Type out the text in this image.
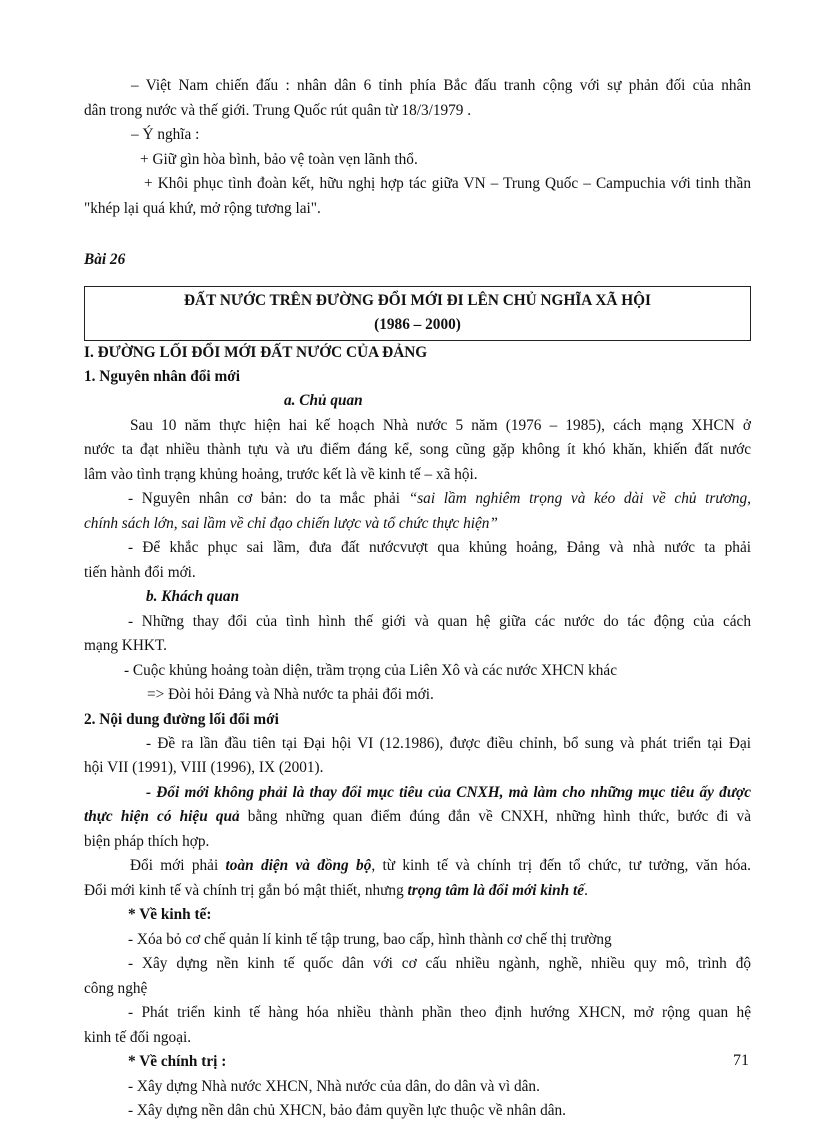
– Việt Nam chiến đấu : nhân dân 6 tỉnh phía Bắc đấu tranh cộng với sự phản đối của nhân

dân trong nước và thế giới. Trung Quốc rút quân từ 18/3/1979 .

– Ý nghĩa :

+ Giữ gìn hòa bình, bảo vệ toàn vẹn lãnh thổ.

+ Khôi phục tình đoàn kết, hữu nghị hợp tác giữa VN – Trung Quốc – Campuchia với tinh thần

"khép lại quá khứ, mở rộng tương lai".

Bài 26

ĐẤT NƯỚC TRÊN ĐƯỜNG ĐỔI MỚI ĐI LÊN CHỦ NGHĨA XÃ HỘI
(1986 – 2000)

I. ĐƯỜNG LỐI ĐỔI MỚI ĐẤT NƯỚC CỦA ĐẢNG

1. Nguyên nhân đổi mới

a. Chủ quan

Sau 10 năm thực hiện hai kế hoạch Nhà nước 5 năm (1976 – 1985), cách mạng XHCN ở

nước ta đạt nhiều thành tựu và ưu điểm đáng kể, song cũng gặp không ít khó khăn, khiến đất nước

lâm vào tình trạng khủng hoảng, trước kết là về kinh tế – xã hội.

- Nguyên nhân cơ bản: do ta mắc phải “sai lầm nghiêm trọng và kéo dài về chủ trương,

chính sách lớn, sai lầm về chỉ đạo chiến lược và tổ chức thực hiện”

- Để khắc phục sai lầm, đưa đất nướcvượt qua khủng hoảng, Đảng và nhà nước ta phải

tiến hành đổi mới.

b. Khách quan

- Những thay đổi của tình hình thế giới và quan hệ giữa các nước do tác động của cách

mạng KHKT.

- Cuộc khủng hoảng toàn diện, trầm trọng của Liên Xô và các nước XHCN khác

=> Đòi hỏi Đảng và Nhà nước ta phải đổi mới.

2. Nội dung đường lối đổi mới

- Đề ra lần đầu tiên tại Đại hội VI (12.1986), được điều chỉnh, bổ sung và phát triển tại Đại

hội VII (1991), VIII (1996), IX (2001).

- Đổi mới không phải là thay đổi mục tiêu của CNXH, mà làm cho những mục tiêu ấy được

thực hiện có hiệu quả bằng những quan điểm đúng đắn về CNXH, những hình thức, bước đi và

biện pháp thích hợp.

Đổi mới phải toàn diện và đồng bộ, từ kinh tế và chính trị đến tổ chức, tư tưởng, văn hóa.

Đổi mới kinh tế và chính trị gắn bó mật thiết, nhưng trọng tâm là đổi mới kinh tế.

* Về kinh tế:

- Xóa bỏ cơ chế quản lí kinh tế tập trung, bao cấp, hình thành cơ chế thị trường

- Xây dựng nền kinh tế quốc dân với cơ cấu nhiều ngành, nghề, nhiều quy mô, trình độ

công nghệ

- Phát triển kinh tế hàng hóa nhiều thành phần theo định hướng XHCN, mở rộng quan hệ

kinh tế đối ngoại.

* Về chính trị :

- Xây dựng Nhà nước XHCN, Nhà nước của dân, do dân và vì dân.

- Xây dựng nền dân chủ XHCN, bảo đảm quyền lực thuộc về nhân dân.

71
